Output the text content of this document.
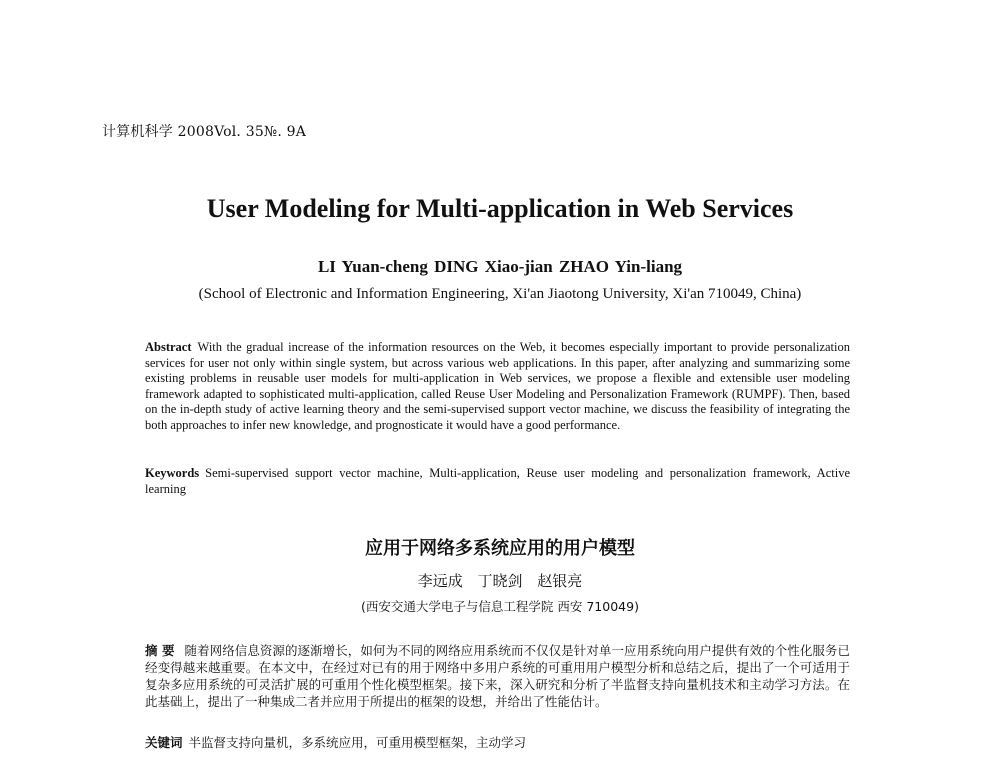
计算机科学 2008Vol. 35№. 9A
User Modeling for Multi-application in Web Services
LI Yuan-cheng DING Xiao-jian ZHAO Yin-liang
(School of Electronic and Information Engineering, Xi'an Jiaotong University, Xi'an 710049, China)
Abstract With the gradual increase of the information resources on the Web, it becomes especially important to provide personalization services for user not only within single system, but across various web applications. In this paper, after analyzing and summarizing some existing problems in reusable user models for multi-application in Web services, we propose a flexible and extensible user modeling framework adapted to sophisticated multi-application, called Reuse User Modeling and Personalization Framework (RUMPF). Then, based on the in-depth study of active learning theory and the semi-supervised support vector machine, we discuss the feasibility of integrating the both approaches to infer new knowledge, and prognosticate it would have a good performance.
Keywords Semi-supervised support vector machine, Multi-application, Reuse user modeling and personalization framework, Active learning
应用于网络多系统应用的用户模型
李远成 丁晓剑 赵银亮
(西安交通大学电子与信息工程学院 西安 710049)
摘 要 随着网络信息资源的逐渐增长，如何为不同的网络应用系统而不仅仅是针对单一应用系统向用户提供有效的个性化服务已经变得越来越重要。在本文中，在经过对已有的用于网络中多用户系统的可重用用户模型分析和总结之后，提出了一个可适用于复杂多应用系统的可灵活扩展的可重用个性化模型框架。接下来，深入研究和分析了半监督支持向量机技术和主动学习方法。在此基础上，提出了一种集成二者并应用于所提出的框架的设想，并给出了性能估计。
关键词 半监督支持向量机，多系统应用，可重用模型框架，主动学习
